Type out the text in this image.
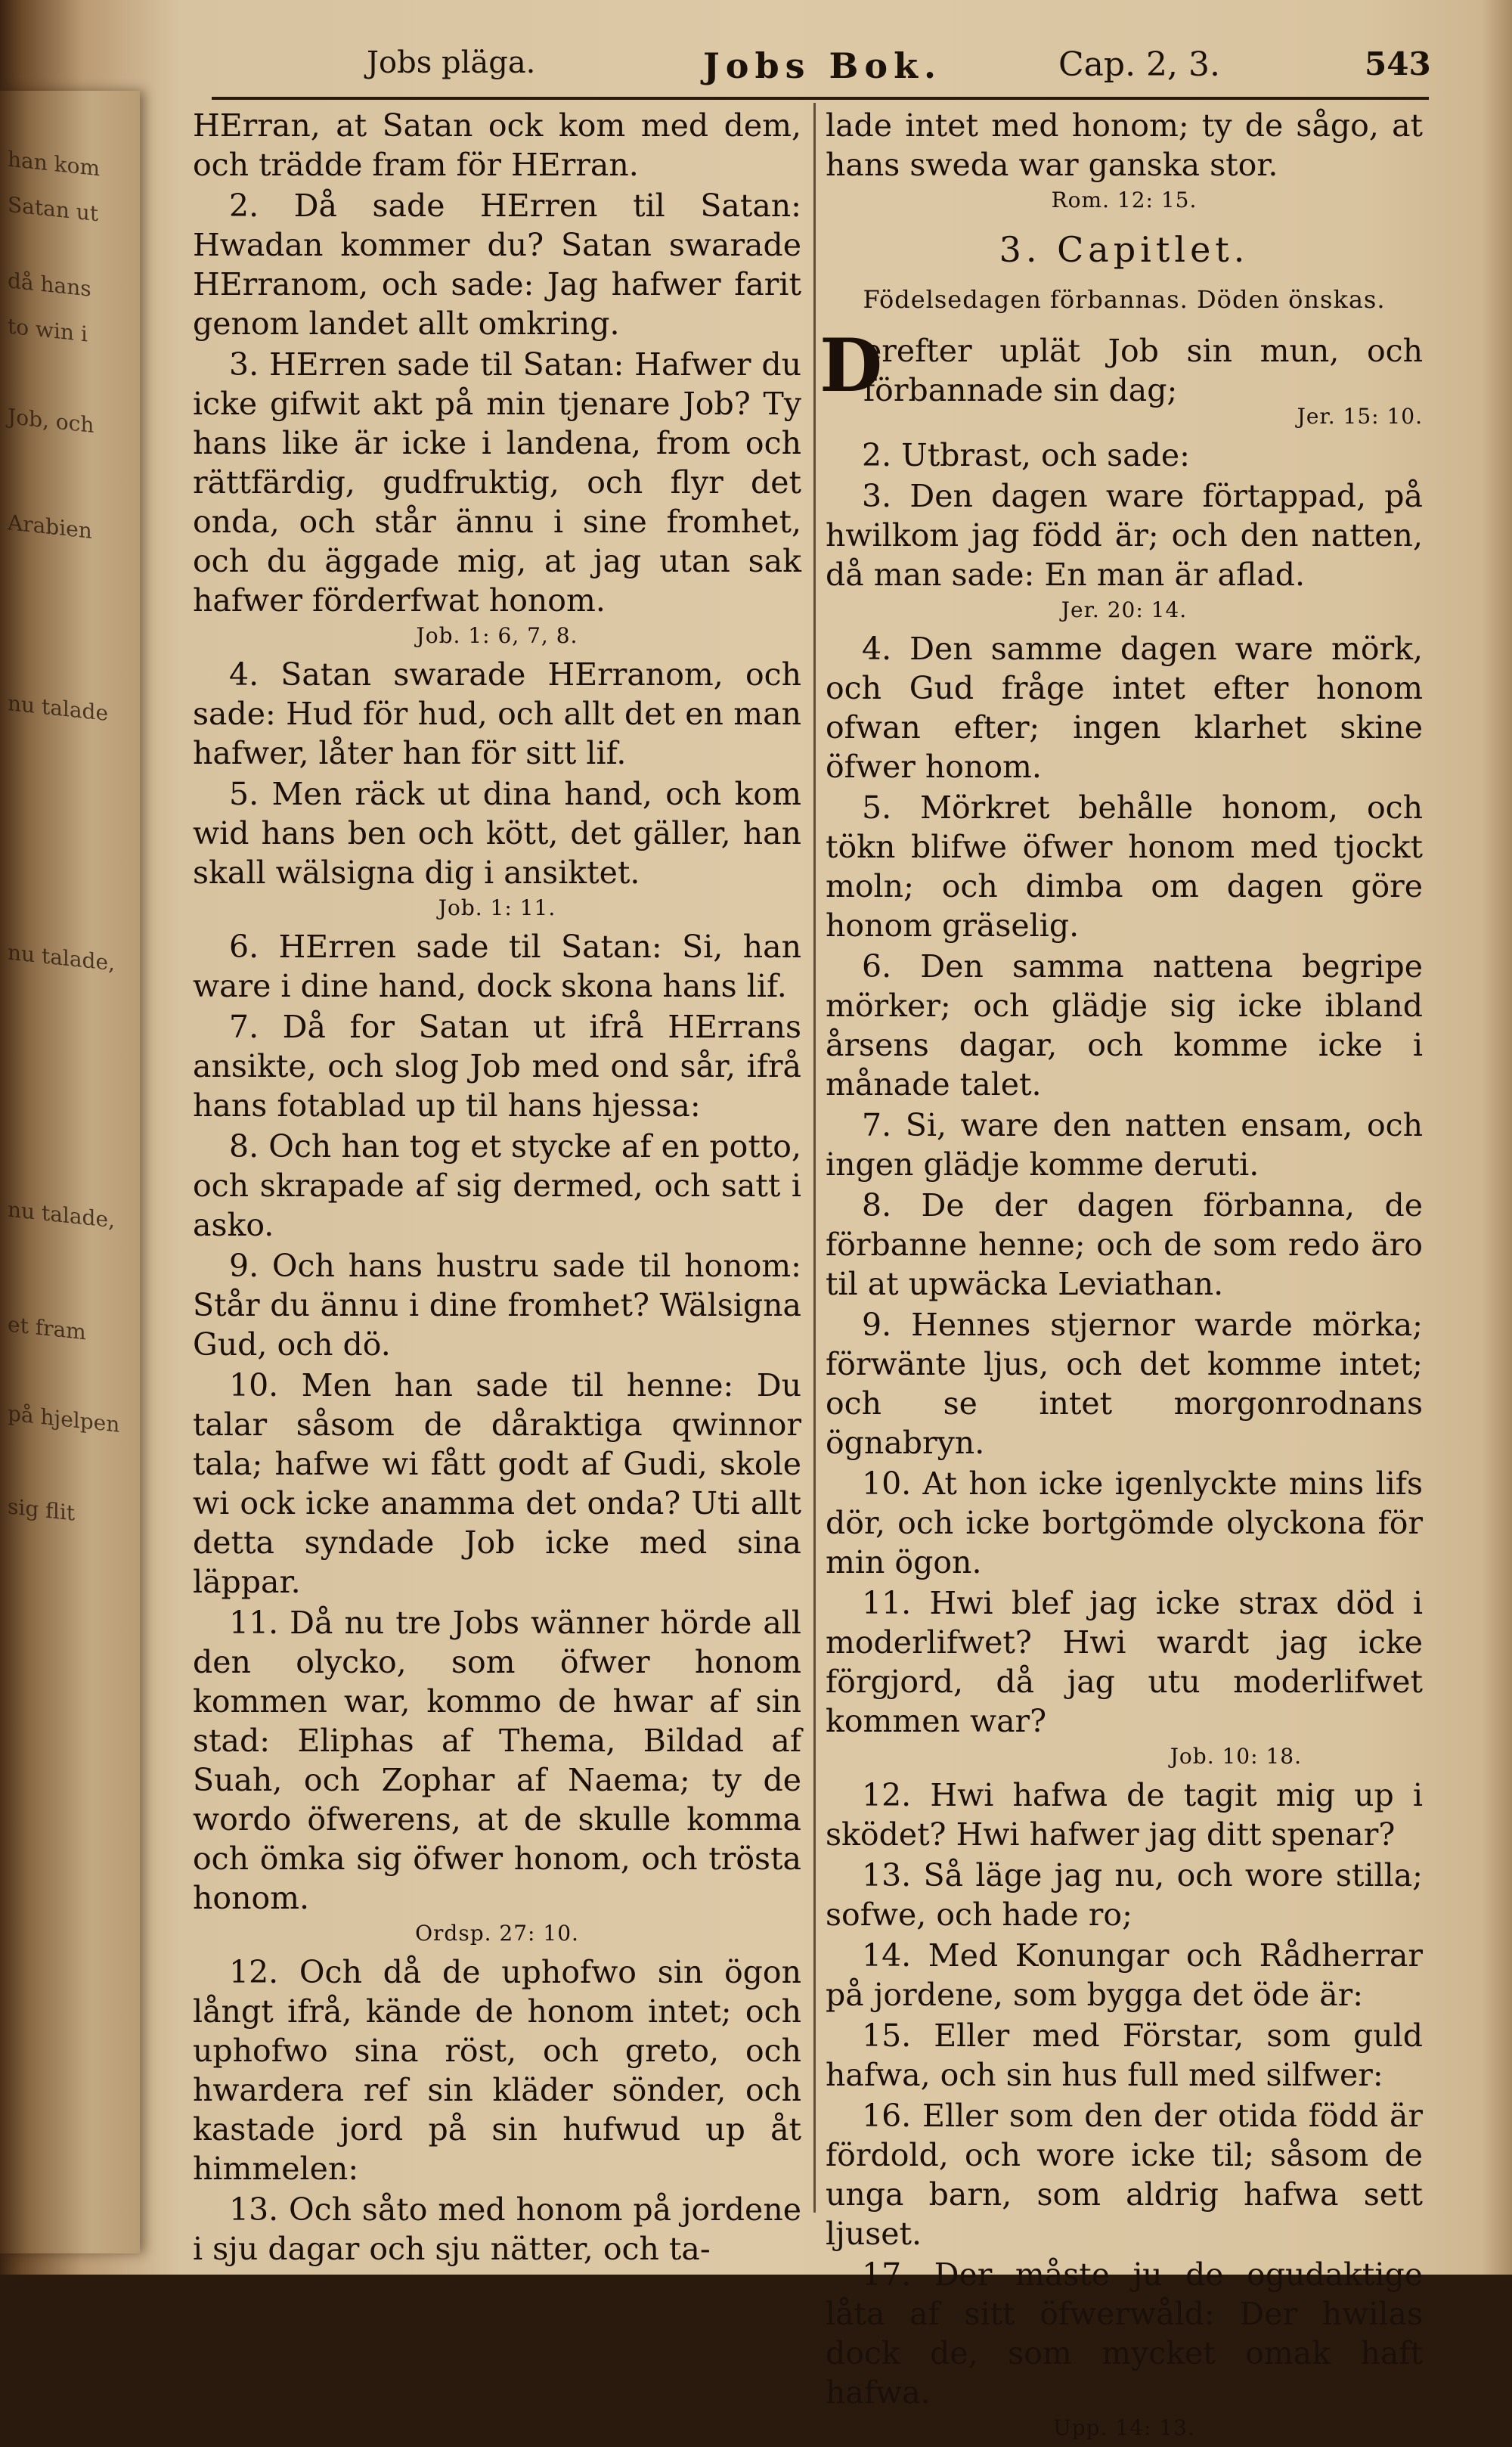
han kom
Satan ut
då hans
to win i
Job, och
Arabien
nu talade
nu talade,
nu talade,
et fram
på hjelpen
sig flit
Jobs pläga.	Jobs Bok.	Cap. 2, 3.	543

HErran, at Satan ock kom med dem, och trädde fram för HErran.

2. Då sade HErren til Satan: Hwadan kommer du? Satan swarade HErranom, och sade: Jag hafwer farit genom landet allt omkring.

3. HErren sade til Satan: Hafwer du icke gifwit akt på min tjenare Job? Ty hans like är icke i landena, from och rättfärdig, gudfruktig, och flyr det onda, och står ännu i sine fromhet, och du äggade mig, at jag utan sak hafwer förderfwat honom.

Job. 1: 6, 7, 8.

4. Satan swarade HErranom, och sade: Hud för hud, och allt det en man hafwer, låter han för sitt lif.

5. Men räck ut dina hand, och kom wid hans ben och kött, det gäller, han skall wälsigna dig i ansiktet.

Job. 1: 11.

6. HErren sade til Satan: Si, han ware i dine hand, dock skona hans lif.

7. Då for Satan ut ifrå HErrans ansikte, och slog Job med ond sår, ifrå hans fotablad up til hans hjessa:

8. Och han tog et stycke af en potto, och skrapade af sig dermed, och satt i asko.

9. Och hans hustru sade til honom: Står du ännu i dine fromhet? Wälsigna Gud, och dö.

10. Men han sade til henne: Du talar såsom de dåraktiga qwinnor tala; hafwe wi fått godt af Gudi, skole wi ock icke anamma det onda? Uti allt detta syndade Job icke med sina läppar.

11. Då nu tre Jobs wänner hörde all den olycko, som öfwer honom kommen war, kommo de hwar af sin stad: Eliphas af Thema, Bildad af Suah, och Zophar af Naema; ty de wordo öfwerens, at de skulle komma och ömka sig öfwer honom, och trösta honom.

Ordsp. 27: 10.

12. Och då de uphofwo sin ögon långt ifrå, kände de honom intet; och uphofwo sina röst, och greto, och hwardera ref sin kläder sönder, och kastade jord på sin hufwud up åt himmelen:

13. Och såto med honom på jordene i sju dagar och sju nätter, och ta-

lade intet med honom; ty de sågo, at hans sweda war ganska stor.

Rom. 12: 15.
3. Capitlet.
Födelsedagen förbannas. Döden önskas.

D
erefter uplät Job sin mun, och förbannade sin dag;

Jer. 15: 10.

2. Utbrast, och sade:

3. Den dagen ware förtappad, på hwilkom jag född är; och den natten, då man sade: En man är aflad.

Jer. 20: 14.

4. Den samme dagen ware mörk, och Gud fråge intet efter honom ofwan efter; ingen klarhet skine öfwer honom.

5. Mörkret behålle honom, och tökn blifwe öfwer honom med tjockt moln; och dimba om dagen göre honom gräselig.

6. Den samma nattena begripe mörker; och glädje sig icke ibland årsens dagar, och komme icke i månade talet.

7. Si, ware den natten ensam, och ingen glädje komme deruti.

8. De der dagen förbanna, de förbanne henne; och de som redo äro til at upwäcka Leviathan.

9. Hennes stjernor warde mörka; förwänte ljus, och det komme intet; och se intet morgonrodnans ögnabryn.

10. At hon icke igenlyckte mins lifs dör, och icke bortgömde olyckona för min ögon.

11. Hwi blef jag icke strax död i moderlifwet? Hwi wardt jag icke förgjord, då jag utu moderlifwet kommen war?

Job. 10: 18.

12. Hwi hafwa de tagit mig up i sködet? Hwi hafwer jag ditt spenar?

13. Så läge jag nu, och wore stilla; sofwe, och hade ro;

14. Med Konungar och Rådherrar på jordene, som bygga det öde är:

15. Eller med Förstar, som guld hafwa, och sin hus full med silfwer:

16. Eller som den der otida född är fördold, och wore icke til; såsom de unga barn, som aldrig hafwa sett ljuset.

17. Der måste ju de ogudaktige låta af sitt öfwerwåld: Der hwilas dock de, som mycket omak haft hafwa.

Upp. 14: 13.
